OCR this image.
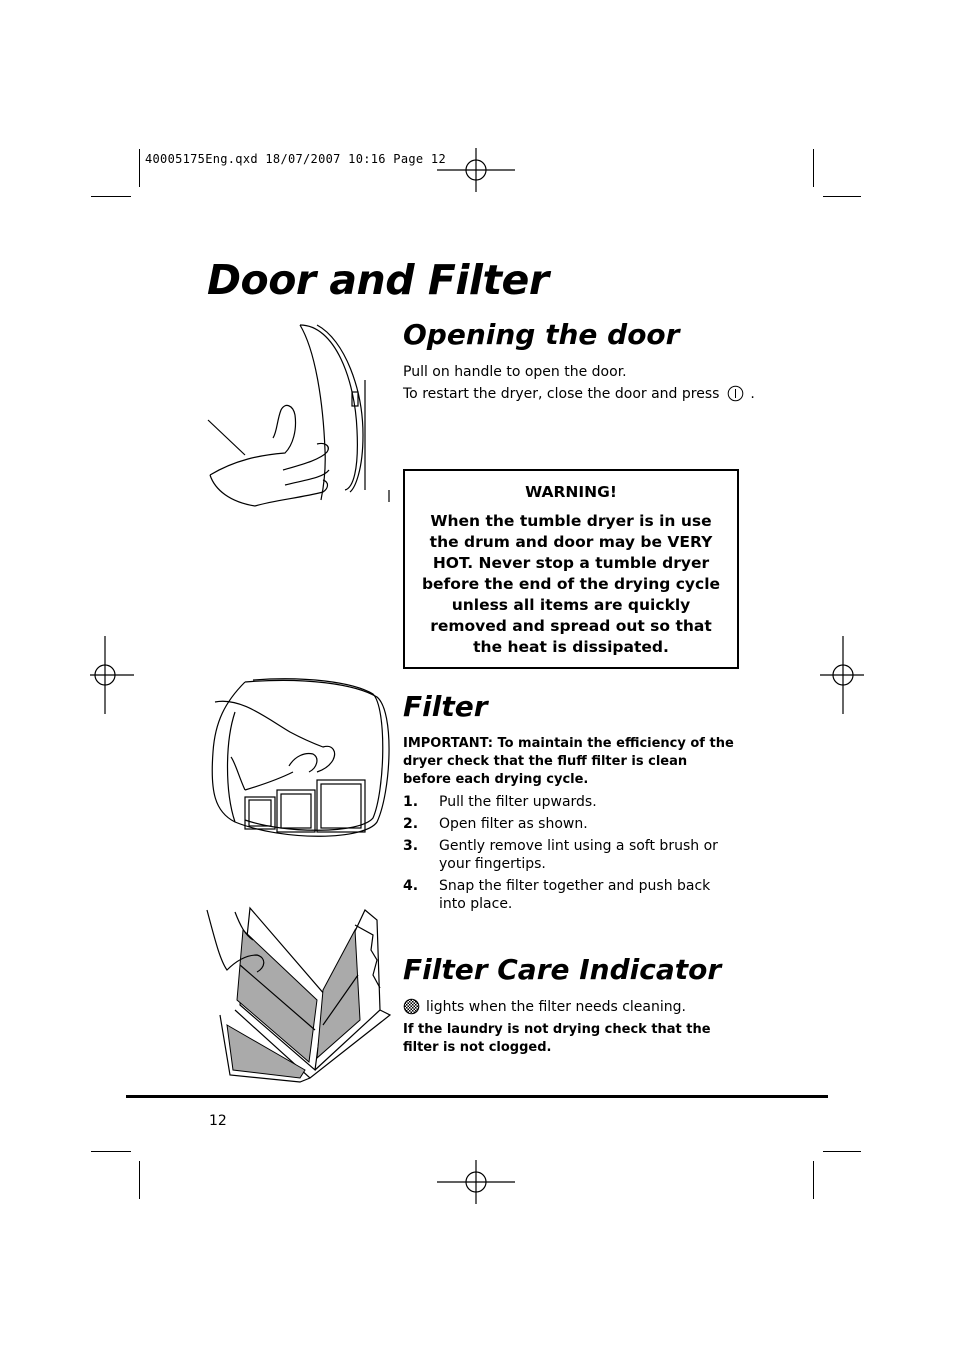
40005175Eng.qxd 18/07/2007 10:16 Page 12
Door and Filter
Opening the door
Pull on handle to open the door.
To restart the dryer, close the door and press .
WARNING!
When the tumble dryer is in use the drum and door may be VERY HOT. Never stop a tumble dryer before the end of the drying cycle unless all items are quickly removed and spread out so that the heat is dissipated.
Filter
IMPORTANT: To maintain the efficiency of the dryer check that the fluff filter is clean before each drying cycle.
1. Pull the filter upwards.
2. Open filter as shown.
3. Gently remove lint using a soft brush or your fingertips.
4. Snap the filter together and push back into place.
Filter Care Indicator
lights when the filter needs cleaning.
If the laundry is not drying check that the filter is not clogged.
12
